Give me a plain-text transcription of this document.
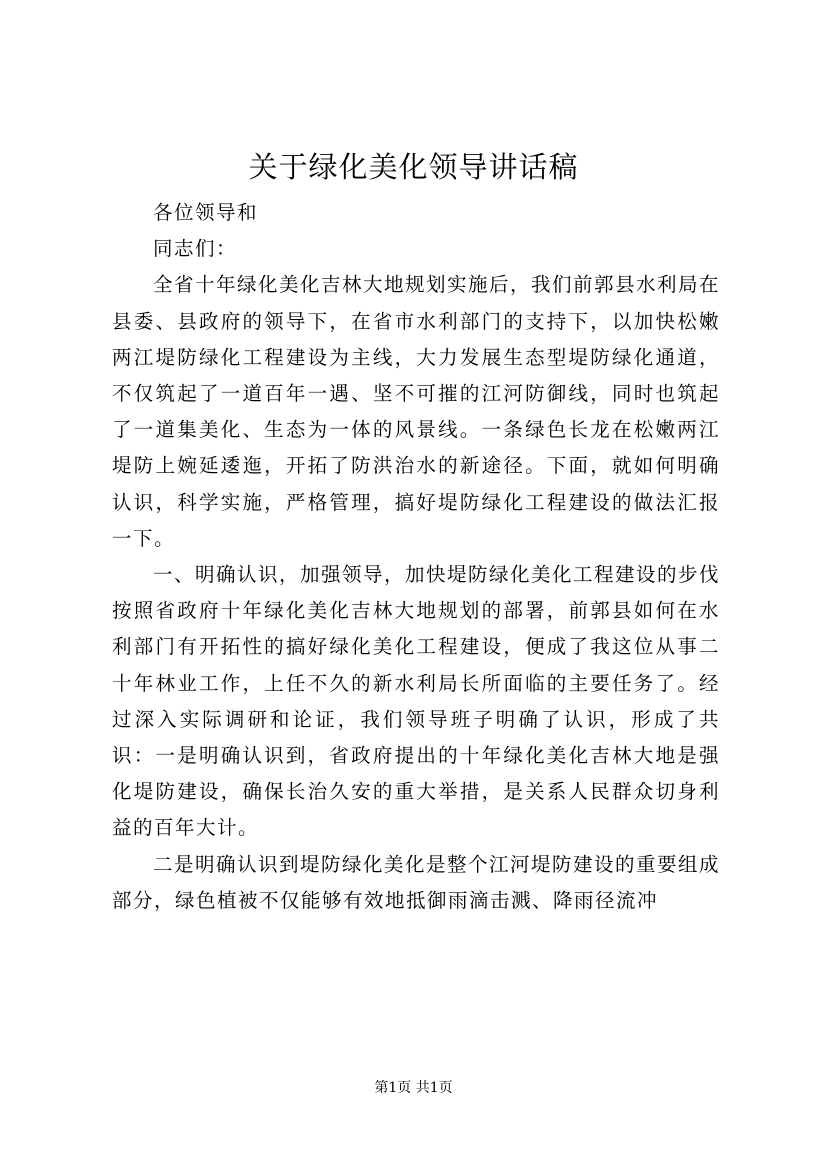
关于绿化美化领导讲话稿

各位领导和

同志们：

全省十年绿化美化吉林大地规划实施后，我们前郭县水利局在县委、县政府的领导下，在省市水利部门的支持下，以加快松嫩两江堤防绿化工程建设为主线，大力发展生态型堤防绿化通道，不仅筑起了一道百年一遇、坚不可摧的江河防御线，同时也筑起了一道集美化、生态为一体的风景线。一条绿色长龙在松嫩两江堤防上婉延逶迤，开拓了防洪治水的新途径。下面，就如何明确认识，科学实施，严格管理，搞好堤防绿化工程建设的做法汇报一下。

一、明确认识，加强领导，加快堤防绿化美化工程建设的步伐按照省政府十年绿化美化吉林大地规划的部署，前郭县如何在水利部门有开拓性的搞好绿化美化工程建设，便成了我这位从事二十年林业工作，上任不久的新水利局长所面临的主要任务了。经过深入实际调研和论证，我们领导班子明确了认识，形成了共识：一是明确认识到，省政府提出的十年绿化美化吉林大地是强化堤防建设，确保长治久安的重大举措，是关系人民群众切身利益的百年大计。

二是明确认识到堤防绿化美化是整个江河堤防建设的重要组成部分，绿色植被不仅能够有效地抵御雨滴击溅、降雨径流冲

第1页 共1页
